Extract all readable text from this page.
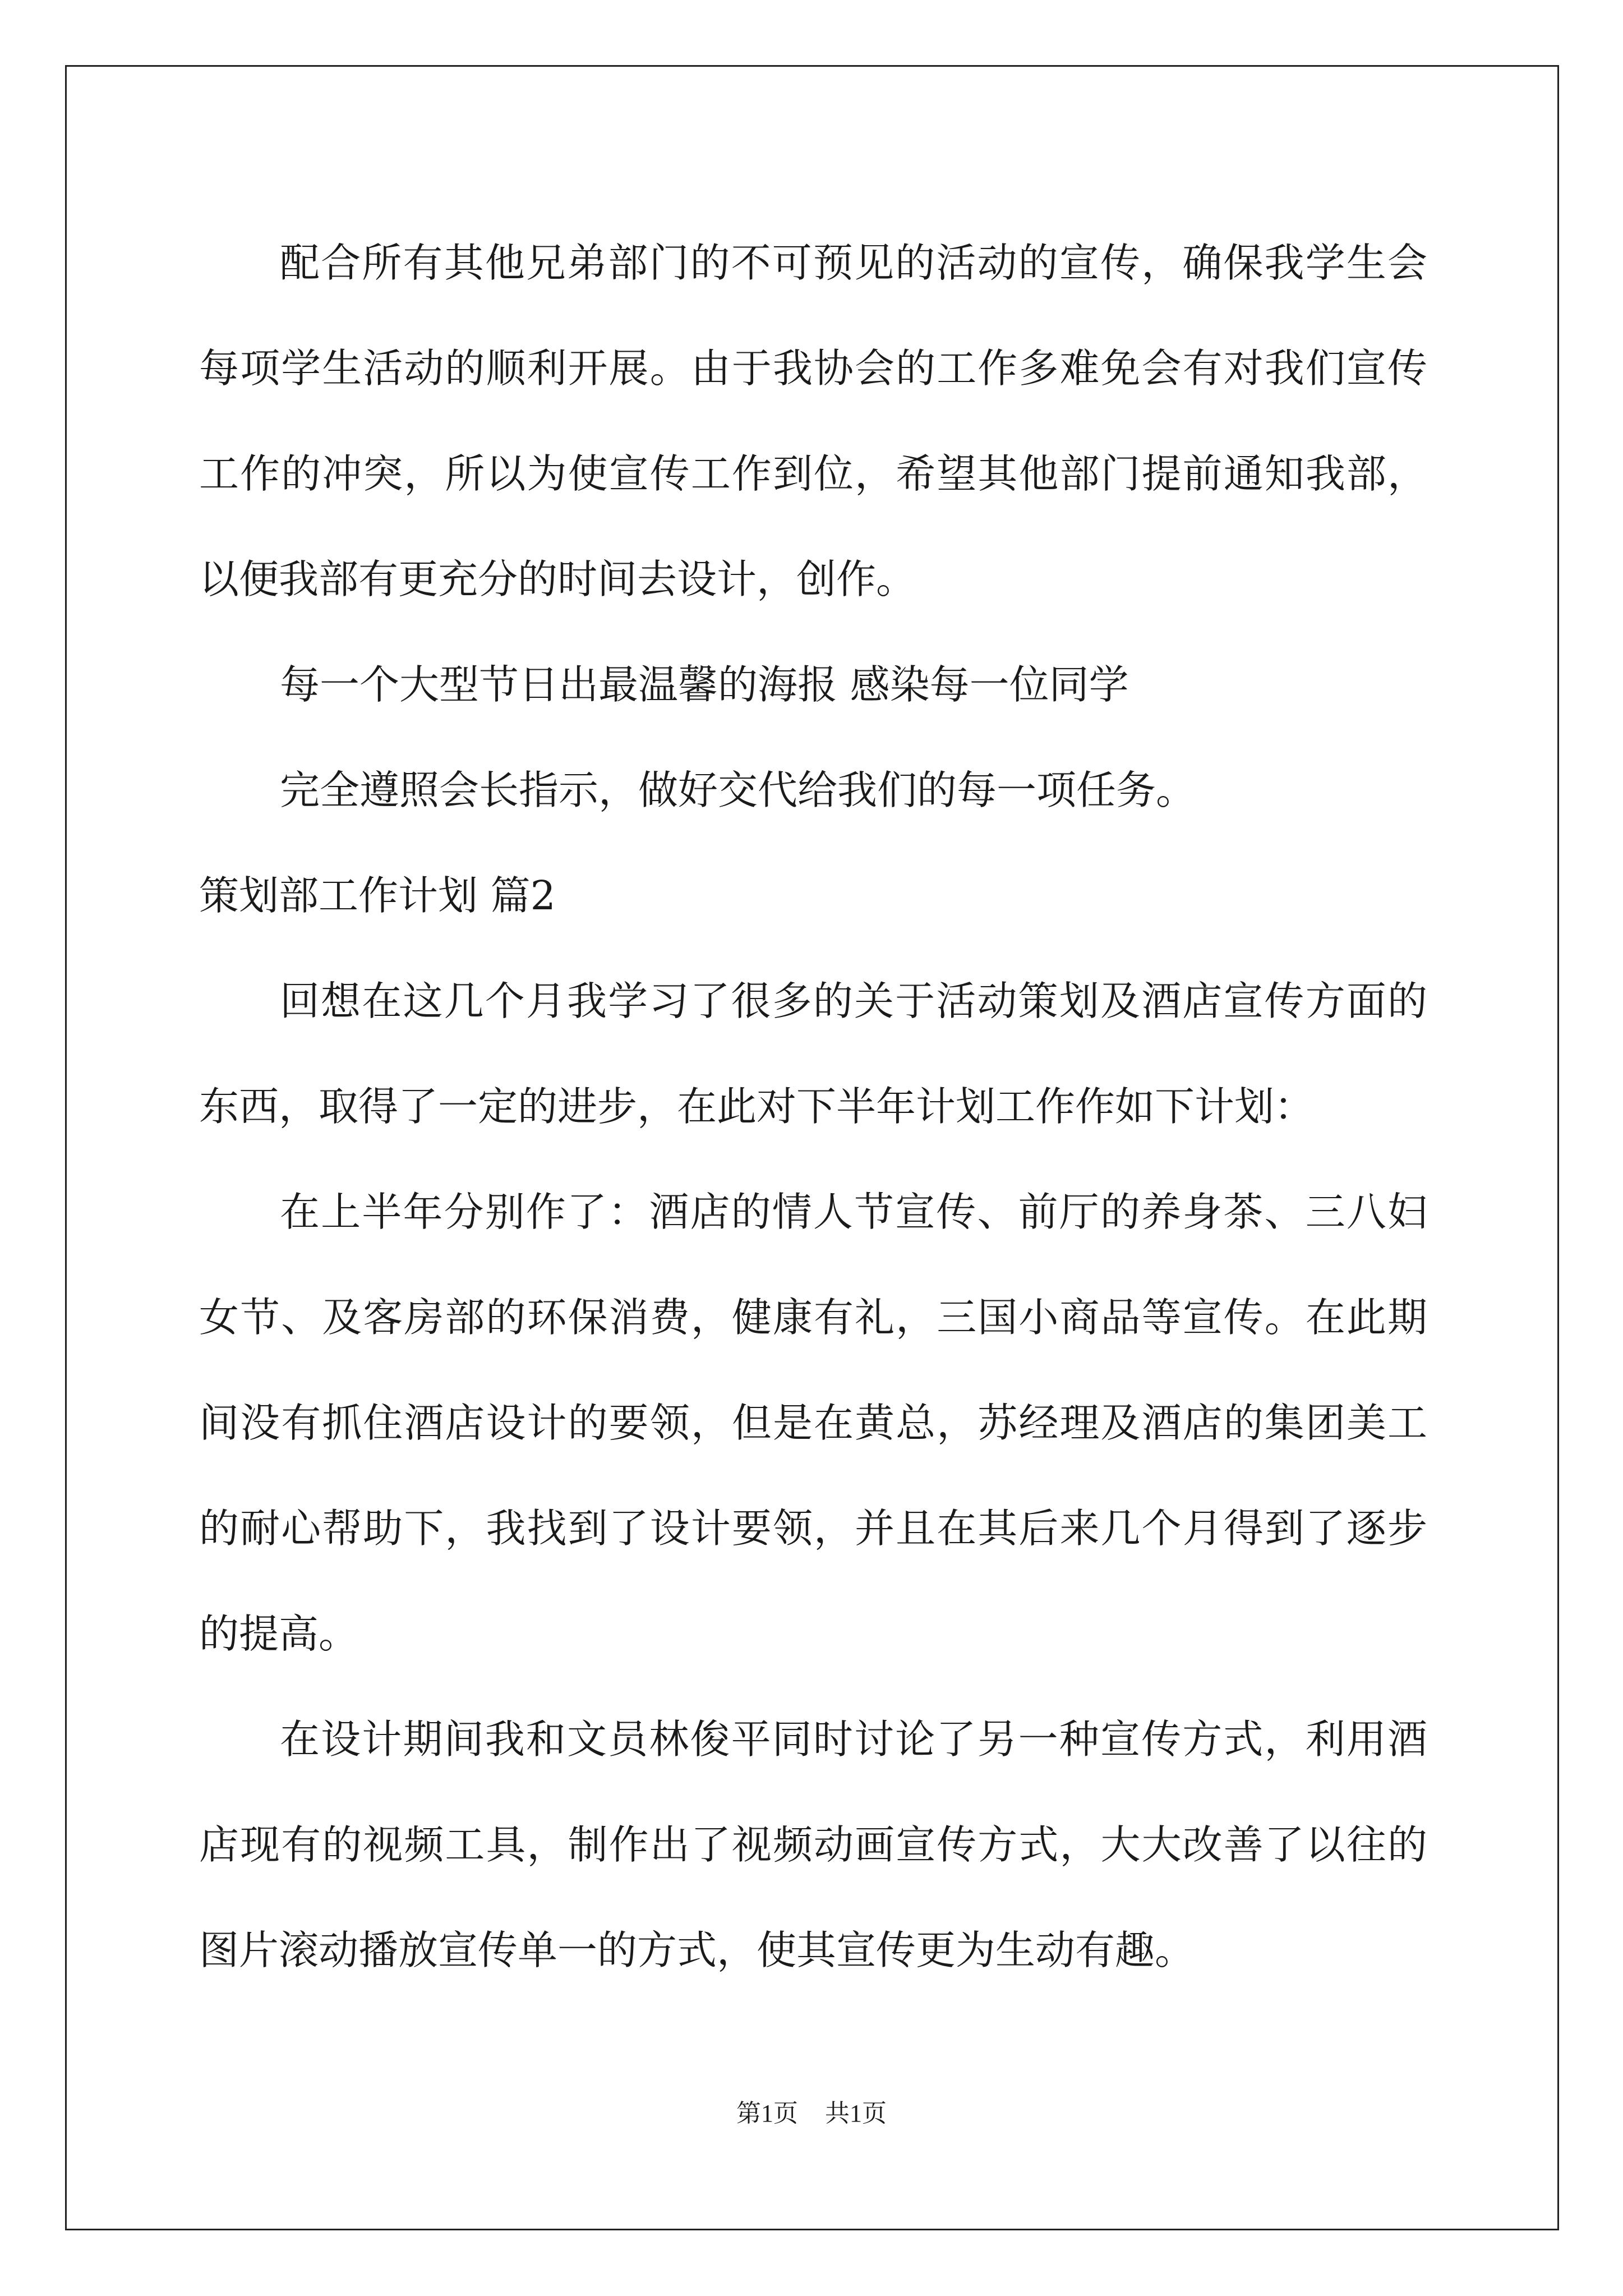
配合所有其他兄弟部门的不可预见的活动的宣传，确保我学生会每项学生活动的顺利开展。由于我协会的工作多难免会有对我们宣传工作的冲突，所以为使宣传工作到位，希望其他部门提前通知我部，以便我部有更充分的时间去设计，创作。

每一个大型节日出最温馨的海报 感染每一位同学

完全遵照会长指示，做好交代给我们的每一项任务。

策划部工作计划 篇2

回想在这几个月我学习了很多的关于活动策划及酒店宣传方面的东西，取得了一定的进步，在此对下半年计划工作作如下计划：

在上半年分别作了：酒店的情人节宣传、前厅的养身茶、三八妇女节、及客房部的环保消费，健康有礼，三国小商品等宣传。在此期间没有抓住酒店设计的要领，但是在黄总，苏经理及酒店的集团美工的耐心帮助下，我找到了设计要领，并且在其后来几个月得到了逐步的提高。

在设计期间我和文员林俊平同时讨论了另一种宣传方式，利用酒店现有的视频工具，制作出了视频动画宣传方式，大大改善了以往的图片滚动播放宣传单一的方式，使其宣传更为生动有趣。

第1页 共1页
